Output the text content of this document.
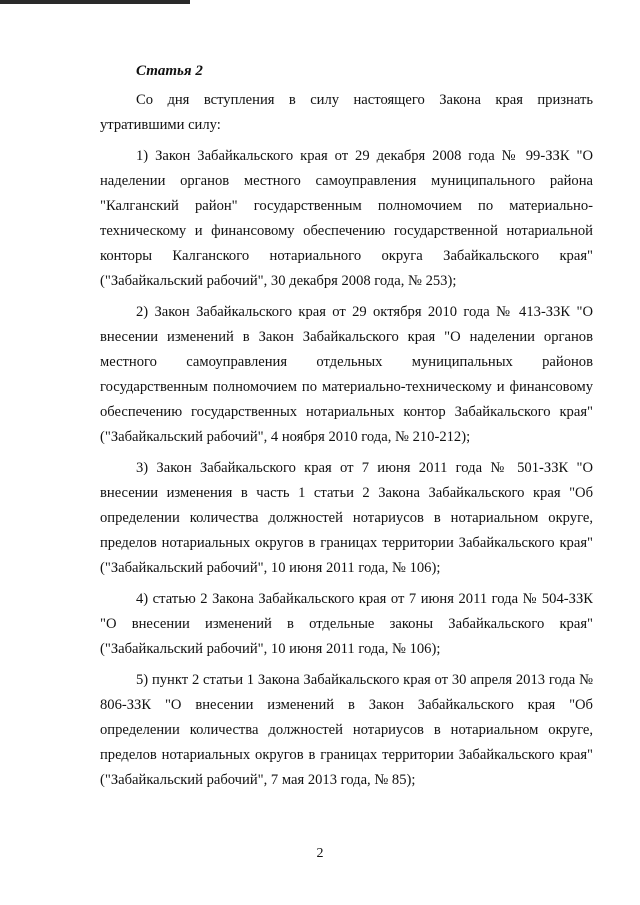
Статья 2

Со дня вступления в силу настоящего Закона края признать утратившими силу:

1) Закон Забайкальского края от 29 декабря 2008 года № 99-ЗЗК "О наделении органов местного самоуправления муниципального района "Калганский район" государственным полномочием по материально-техническому и финансовому обеспечению государственной нотариальной конторы Калганского нотариального округа Забайкальского края" ("Забайкальский рабочий", 30 декабря 2008 года, № 253);

2) Закон Забайкальского края от 29 октября 2010 года № 413-ЗЗК "О внесении изменений в Закон Забайкальского края "О наделении органов местного самоуправления отдельных муниципальных районов государственным полномочием по материально-техническому и финансовому обеспечению государственных нотариальных контор Забайкальского края" ("Забайкальский рабочий", 4 ноября 2010 года, № 210-212);

3) Закон Забайкальского края от 7 июня 2011 года № 501-ЗЗК "О внесении изменения в часть 1 статьи 2 Закона Забайкальского края "Об определении количества должностей нотариусов в нотариальном округе, пределов нотариальных округов в границах территории Забайкальского края" ("Забайкальский рабочий", 10 июня 2011 года, № 106);

4) статью 2 Закона Забайкальского края от 7 июня 2011 года № 504-ЗЗК "О внесении изменений в отдельные законы Забайкальского края" ("Забайкальский рабочий", 10 июня 2011 года, № 106);

5) пункт 2 статьи 1 Закона Забайкальского края от 30 апреля 2013 года № 806-ЗЗК "О внесении изменений в Закон Забайкальского края "Об определении количества должностей нотариусов в нотариальном округе, пределов нотариальных округов в границах территории Забайкальского края" ("Забайкальский рабочий", 7 мая 2013 года, № 85);

2
